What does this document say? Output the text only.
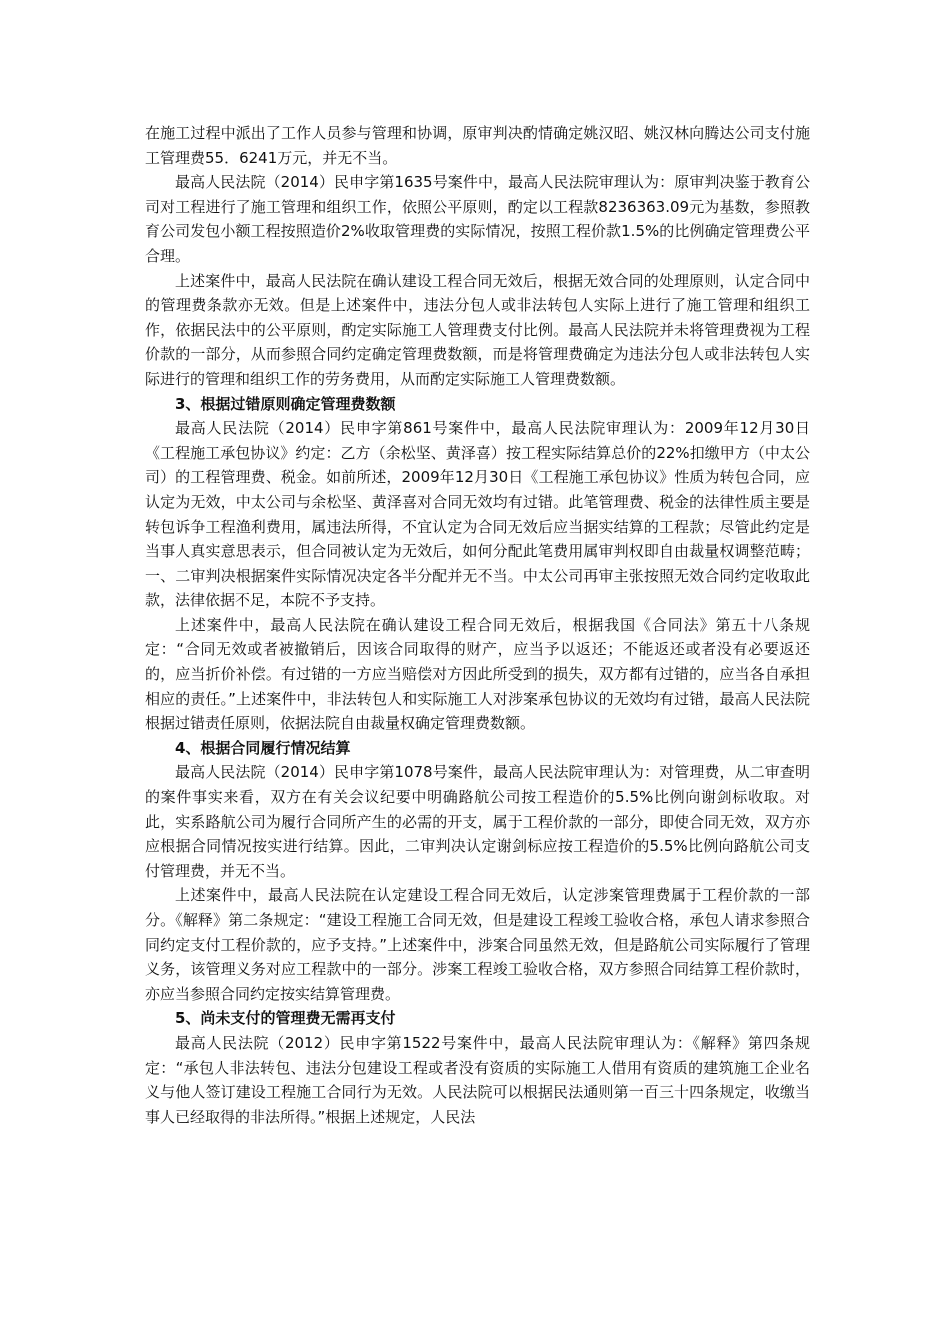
在施工过程中派出了工作人员参与管理和协调，原审判决酌情确定姚汉昭、姚汉林向腾达公司支付施工管理费55．6241万元，并无不当。

最高人民法院（2014）民申字第1635号案件中，最高人民法院审理认为：原审判决鉴于教育公司对工程进行了施工管理和组织工作，依照公平原则，酌定以工程款8236363.09元为基数，参照教育公司发包小额工程按照造价2%收取管理费的实际情况，按照工程价款1.5%的比例确定管理费公平合理。

上述案件中，最高人民法院在确认建设工程合同无效后，根据无效合同的处理原则，认定合同中的管理费条款亦无效。但是上述案件中，违法分包人或非法转包人实际上进行了施工管理和组织工作，依据民法中的公平原则，酌定实际施工人管理费支付比例。最高人民法院并未将管理费视为工程价款的一部分，从而参照合同约定确定管理费数额，而是将管理费确定为违法分包人或非法转包人实际进行的管理和组织工作的劳务费用，从而酌定实际施工人管理费数额。

3、根据过错原则确定管理费数额

最高人民法院（2014）民申字第861号案件中，最高人民法院审理认为：2009年12月30日《工程施工承包协议》约定：乙方（余松坚、黄泽喜）按工程实际结算总价的22%扣缴甲方（中太公司）的工程管理费、税金。如前所述，2009年12月30日《工程施工承包协议》性质为转包合同，应认定为无效，中太公司与余松坚、黄泽喜对合同无效均有过错。此笔管理费、税金的法律性质主要是转包诉争工程渔利费用，属违法所得，不宜认定为合同无效后应当据实结算的工程款；尽管此约定是当事人真实意思表示，但合同被认定为无效后，如何分配此笔费用属审判权即自由裁量权调整范畴；一、二审判决根据案件实际情况决定各半分配并无不当。中太公司再审主张按照无效合同约定收取此款，法律依据不足，本院不予支持。

上述案件中，最高人民法院在确认建设工程合同无效后，根据我国《合同法》第五十八条规定：“合同无效或者被撤销后，因该合同取得的财产，应当予以返还；不能返还或者没有必要返还的，应当折价补偿。有过错的一方应当赔偿对方因此所受到的损失，双方都有过错的，应当各自承担相应的责任。”上述案件中，非法转包人和实际施工人对涉案承包协议的无效均有过错，最高人民法院根据过错责任原则，依据法院自由裁量权确定管理费数额。

4、根据合同履行情况结算

最高人民法院（2014）民申字第1078号案件，最高人民法院审理认为：对管理费，从二审查明的案件事实来看，双方在有关会议纪要中明确路航公司按工程造价的5.5%比例向谢剑标收取。对此，实系路航公司为履行合同所产生的必需的开支，属于工程价款的一部分，即使合同无效，双方亦应根据合同情况按实进行结算。因此，二审判决认定谢剑标应按工程造价的5.5%比例向路航公司支付管理费，并无不当。

上述案件中，最高人民法院在认定建设工程合同无效后，认定涉案管理费属于工程价款的一部分。《解释》第二条规定：“建设工程施工合同无效，但是建设工程竣工验收合格，承包人请求参照合同约定支付工程价款的，应予支持。”上述案件中，涉案合同虽然无效，但是路航公司实际履行了管理义务，该管理义务对应工程款中的一部分。涉案工程竣工验收合格，双方参照合同结算工程价款时，亦应当参照合同约定按实结算管理费。

5、尚未支付的管理费无需再支付

最高人民法院（2012）民申字第1522号案件中，最高人民法院审理认为：《解释》第四条规定：“承包人非法转包、违法分包建设工程或者没有资质的实际施工人借用有资质的建筑施工企业名义与他人签订建设工程施工合同行为无效。人民法院可以根据民法通则第一百三十四条规定，收缴当事人已经取得的非法所得。”根据上述规定，人民法
